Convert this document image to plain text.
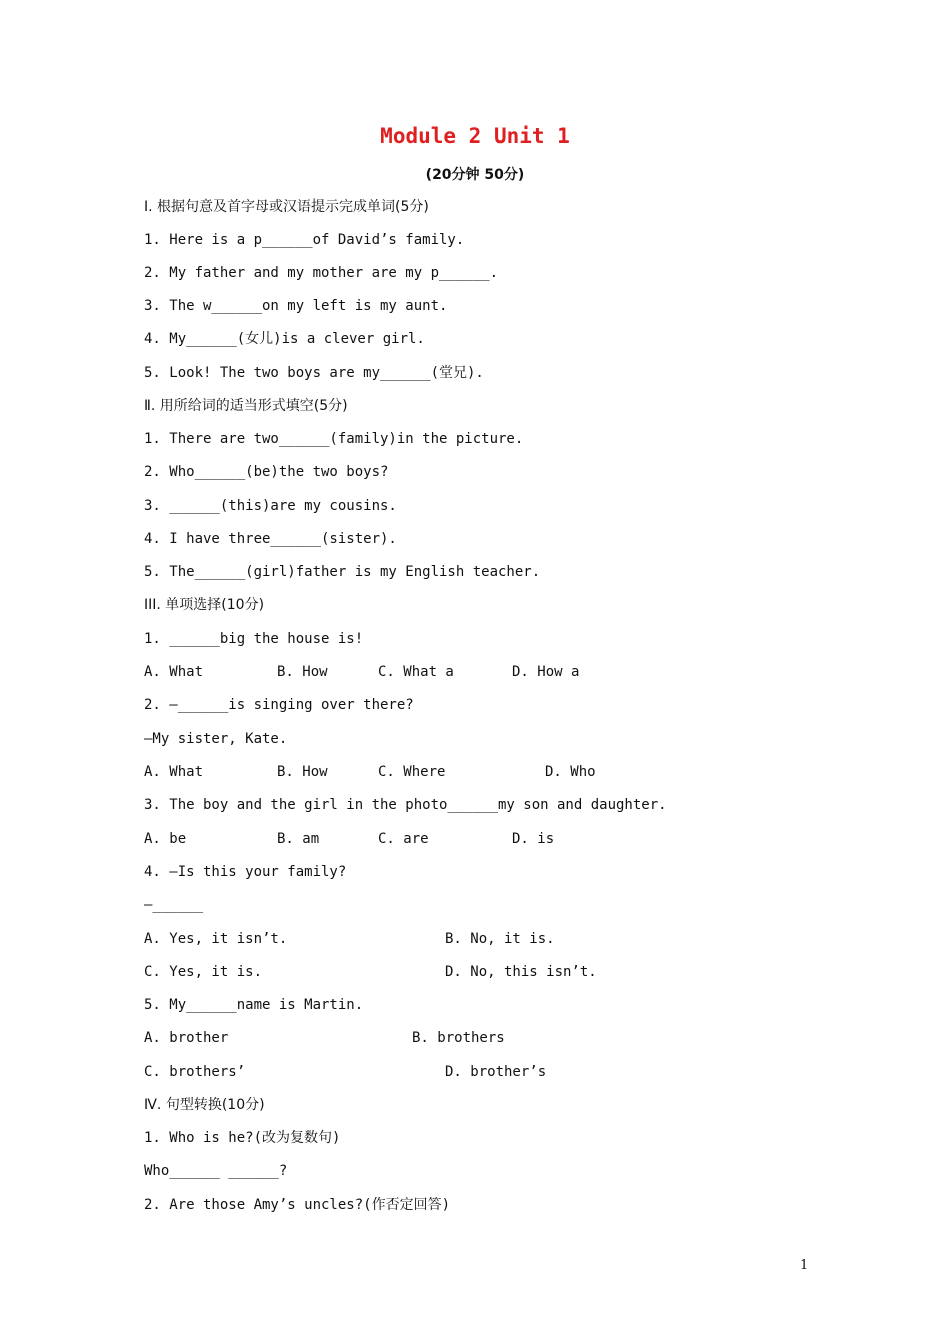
Module 2 Unit 1
(20分钟 50分)
Ⅰ. 根据句意及首字母或汉语提示完成单词(5分)
1. Here is a p______of David’s family.
2. My father and my mother are my p______.
3. The w______on my left is my aunt.
4. My______(女儿)is a clever girl.
5. Look! The two boys are my______(堂兄).
Ⅱ. 用所给词的适当形式填空(5分)
1. There are two______(family)in the picture.
2. Who______(be)the two boys?
3. ______(this)are my cousins.
4. I have three______(sister).
5. The______(girl)father is my English teacher.
III. 单项选择(10分)
1. ______big the house is!
A. What	B. How	C. What a	D. How a
2. —______is singing over there?
—My sister, Kate.
A. What	B. How	C. Where	D. Who
3. The boy and the girl in the photo______my son and daughter.
A. be	B. am	C. are	D. is
4. —Is this your family?
—______
A. Yes, it isn’t.	B. No, it is.
C. Yes, it is.	D. No, this isn’t.
5. My______name is Martin.
A. brother	B. brothers
C. brothers’	D. brother’s
Ⅳ. 句型转换(10分)
1. Who is he?(改为复数句)
Who______ ______?
2. Are those Amy’s uncles?(作否定回答)
1
